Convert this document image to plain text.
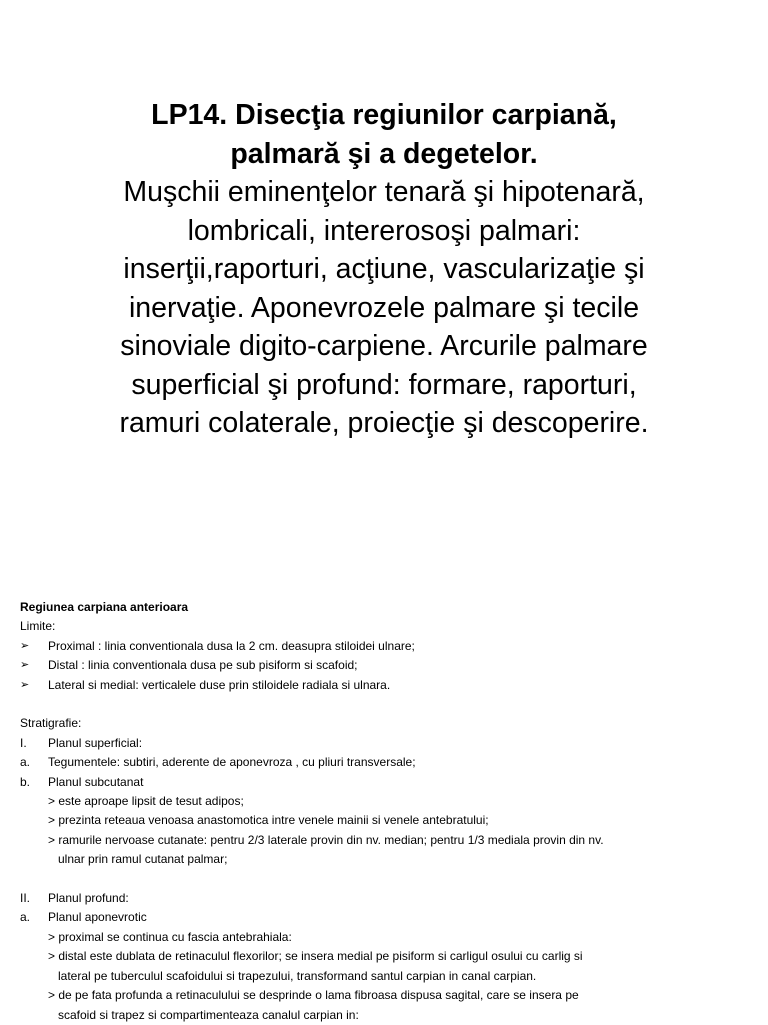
LP14. Disecţia regiunilor carpiană,
palmară şi a degetelor.
Muşchii eminenţelor tenară şi hipotenară,
lombricali, intererosoşi palmari:
inserţii,raporturi, acţiune, vascularizaţie şi
inervaţie. Aponevrozele palmare şi tecile
sinoviale digito-carpiene. Arcurile palmare
superficial şi profund: formare, raporturi,
ramuri colaterale, proiecţie şi descoperire.
Regiunea carpiana anterioara
Limite:
➢	Proximal : linia conventionala dusa la 2 cm. deasupra stiloidei ulnare;
➢	Distal : linia conventionala dusa pe sub pisiform si scafoid;
➢	Lateral si medial: verticalele duse prin stiloidele radiala si ulnara.
Stratigrafie:
I.	Planul superficial:
a.	Tegumentele: subtiri, aderente de aponevroza , cu pliuri transversale;
b.	Planul subcutanat
> este aproape lipsit de tesut adipos;
> prezinta reteaua venoasa anastomotica intre venele mainii si venele antebratului;
> ramurile nervoase cutanate: pentru 2/3 laterale provin din nv. median; pentru 1/3 mediala provin din nv.
ulnar prin ramul cutanat palmar;
II.	Planul profund:
a.	Planul aponevrotic
> proximal se continua cu fascia antebrahiala:
> distal este dublata de retinaculul flexorilor; se insera medial pe pisiform si carligul osului cu carlig si
lateral pe tuberculul scafoidului si trapezului, transformand santul carpian in canal carpian.
> de pe fata profunda a retinaculului se desprinde o lama fibroasa dispusa sagital, care se insera pe
scafoid si trapez si compartimenteaza canalul carpian in:
